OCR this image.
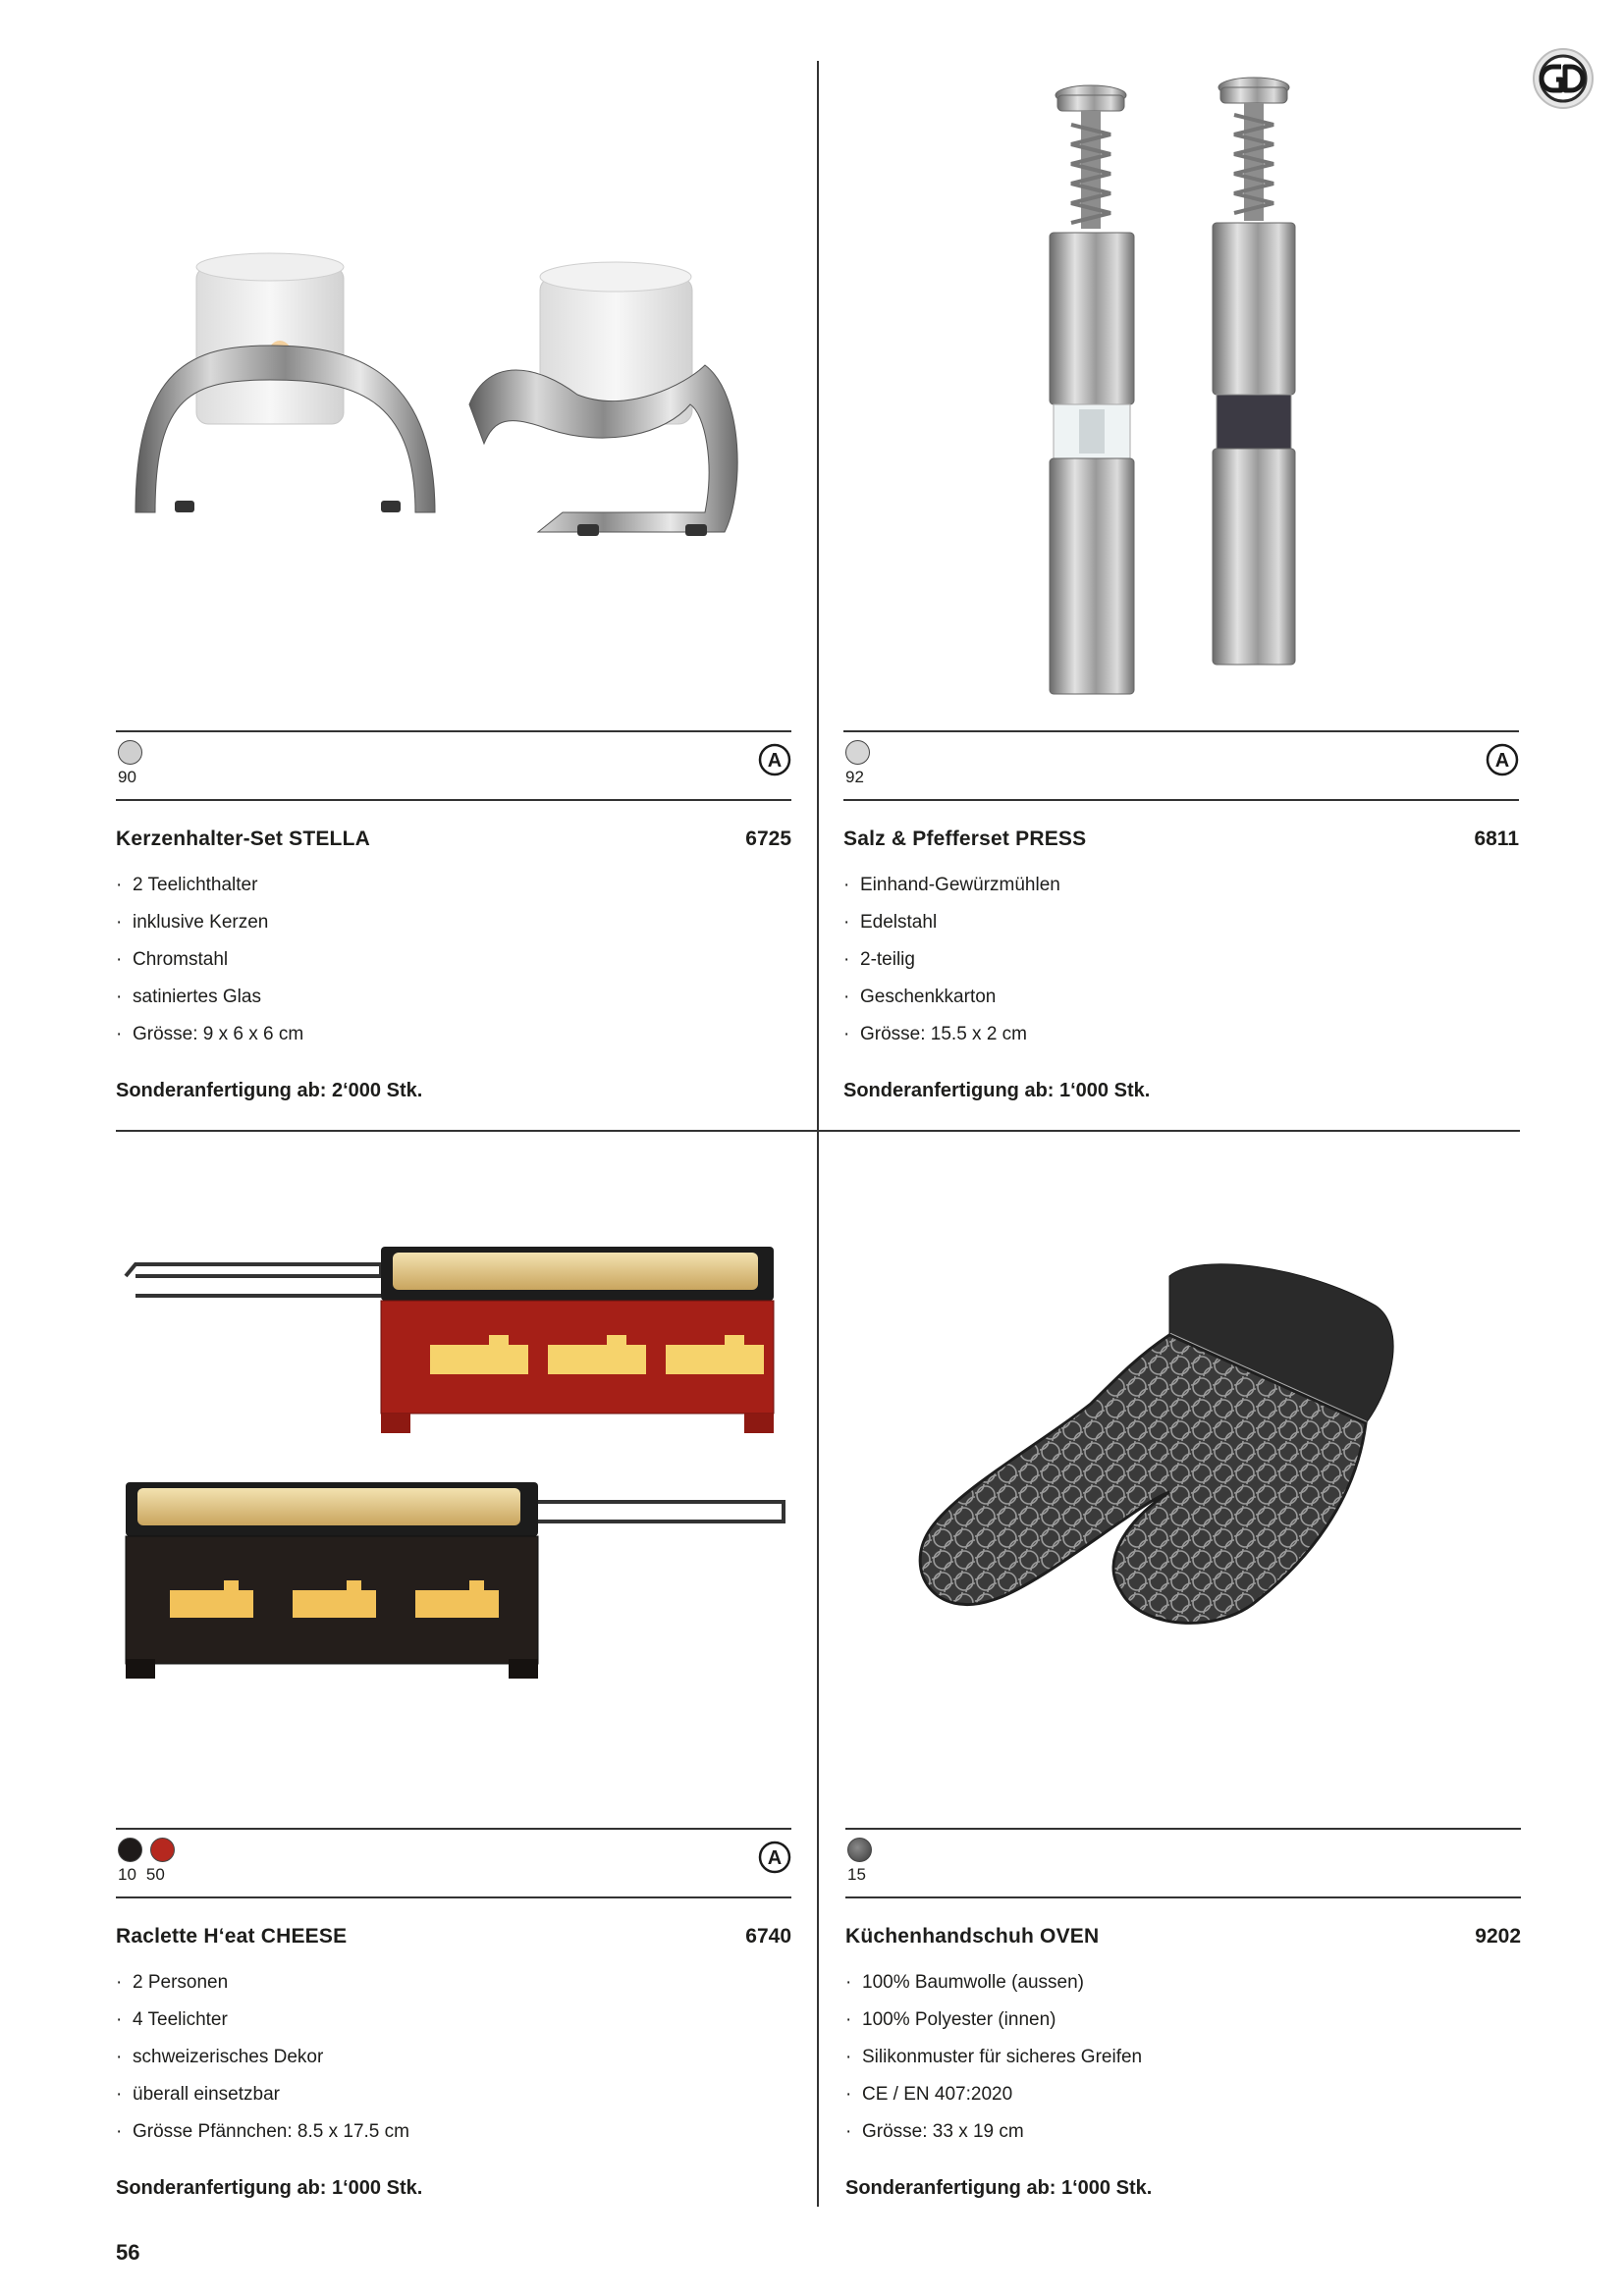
90
A
Kerzenhalter-Set STELLA	6725
· 2 Teelichthalter
· inklusive Kerzen
· Chromstahl
· satiniertes Glas
· Grösse: 9 x 6 x 6 cm
Sonderanfertigung ab: 2‘000 Stk.
92
A
Salz & Pfefferset PRESS	6811
· Einhand-Gewürzmühlen
· Edelstahl
· 2-teilig
· Geschenkkarton
· Grösse: 15.5 x 2 cm
Sonderanfertigung ab: 1‘000 Stk.
10 50
A
Raclette H‘eat CHEESE	6740
· 2 Personen
· 4 Teelichter
· schweizerisches Dekor
· überall einsetzbar
· Grösse Pfännchen: 8.5 x 17.5 cm
Sonderanfertigung ab: 1‘000 Stk.
15
Küchenhandschuh OVEN	9202
· 100% Baumwolle (aussen)
· 100% Polyester (innen)
· Silikonmuster für sicheres Greifen
· CE / EN 407:2020
· Grösse: 33 x 19 cm
Sonderanfertigung ab: 1‘000 Stk.
56
